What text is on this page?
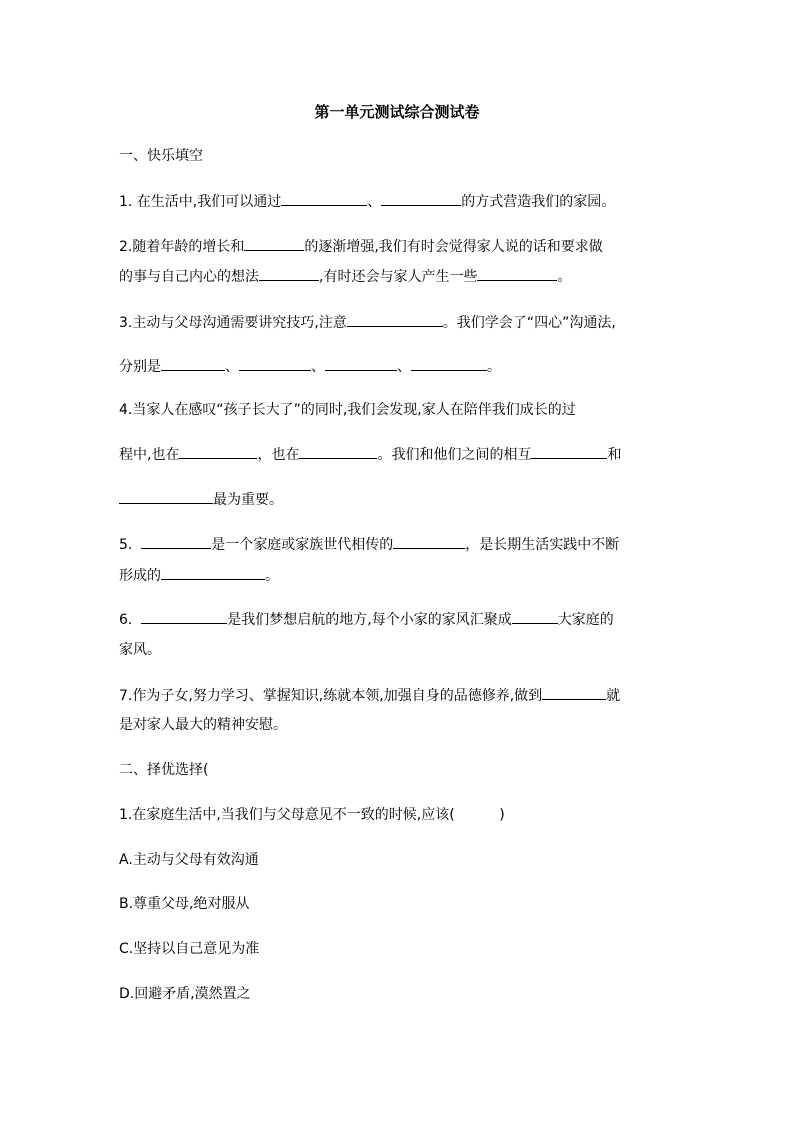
第一单元测试综合测试卷
一、快乐填空
1. 在生活中,我们可以通过	、	的方式营造我们的家园。
2.随着年龄的增长和	的逐渐增强,我们有时会觉得家人说的话和要求做
的事与自己内心的想法	,有时还会与家人产生一些	。
3.主动与父母沟通需要讲究技巧,注意	。我们学会了“四心”沟通法,
分别是	、	、	、	。
4.当家人在感叹“孩子长大了”的同时,我们会发现,家人在陪伴我们成长的过
程中,也在	，也在	。我们和他们之间的相互	和
最为重要。
5.	是一个家庭或家族世代相传的	，是长期生活实践中不断
形成的	。
6.	是我们梦想启航的地方,每个小家的家风汇聚成	大家庭的
家风。
7.作为子女,努力学习、掌握知识,练就本领,加强自身的品德修养,做到	就
是对家人最大的精神安慰。
二、择优选择(
1.在家庭生活中,当我们与父母意见不一致的时候,应该(          )
A.主动与父母有效沟通
B.尊重父母,绝对服从
C.坚持以自己意见为准
D.回避矛盾,漠然置之
